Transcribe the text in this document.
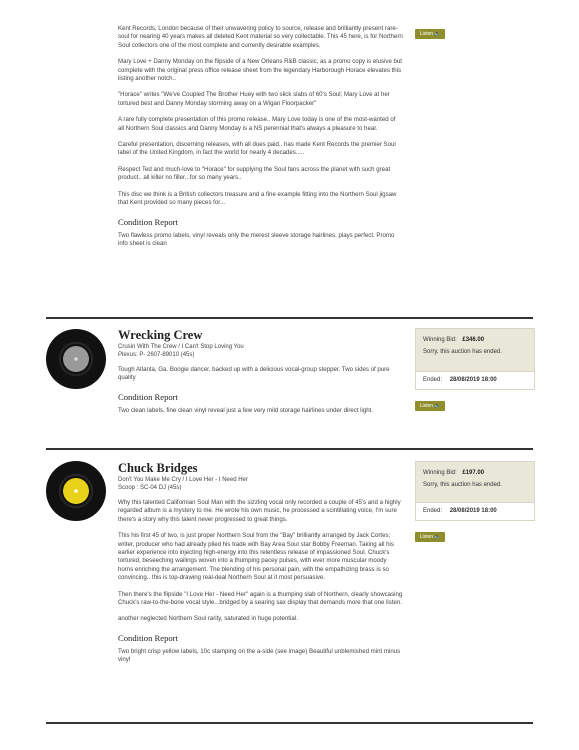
Kent Records, London because of their unwavering policy to source, release and brilliantly present rare-soul for nearing 40 years makes all deleted Kent material so very collectable. This 45 here, is for Northern Soul collectors one of the most complete and currently desirable examples.

Mary Love + Danny Monday on the flipside of a New Orleans R&B classic, as a promo copy is elusive but complete with the original press office release sheet from the legendary Harborough Horace elevates this listing another notch..

"Horace" writes "We've Coupled The Brother Huey with two slick slabs of 60's Soul; Mary Love at her tortured best and Danny Monday storming away on a Wigan Floorpacker"

A rare fully complete presentation of this promo release.. Mary Love today is one of the most-wanted of all Northern Soul classics and Danny Monday is a NS perennial that's always a pleasure to hear.

Careful presentation, discerning releases, with all dues paid.. has made Kent Records the premier Soul label of the United Kingdom, in fact the world for nearly 4 decades.....

Respect Ted and much-love to "Horace" for supplying the Soul fans across the planet with such great product.. all killer no filler...for so many years..

This disc we think is a British collectors treasure and a fine example fitting into the Northern Soul jigsaw that Kent provided so many pieces for...

Condition Report

Two flawless promo labels, vinyl reveals only the merest sleeve storage hairlines. plays perfect. Promo info sheet is clean

Listen🔈
Wrecking Crew

Crusin With The Crew / I Can't Stop Loving You

Plexus: P- 2607-89010 (45s)

Tough Atlanta, Ga. Boogie dancer, backed up with a delicious vocal-group stepper. Two sides of pure quality

Condition Report

Two clean labels, fine clean vinyl reveal just a few very mild storage hairlines under direct light.

Winning Bid: £346.00
Sorry, this auction has ended.
Ended: 28/08/2019 18:00
Listen🔈
Chuck Bridges

Don't You Make Me Cry / I Love Her - I Need Her

Scoop : SC-04 DJ (45s)

Why this talented Californian Soul Man with the sizzling vocal only recorded a couple of 45's and a highly regarded album is a mystery to me. He wrote his own music, he processed a scintillating voice, I'm sure there's a story why this talent never progressed to great things.

This his first 45 of two, is just proper Northern Soul from the "Bay" brilliantly arranged by Jack Cortes; writer, producer who had already plied his trade with Bay Area Soul star Bobby Freeman. Taking all his earlier experience into injecting high-energy into this relentless release of impassioned Soul. Chuck's tortured, beseeching wailings woven into a thumping pacey pulses, with ever more muscular moody horns enriching the arrangement. The blending of his personal pain, with the empathizing brass is so convincing.. this is top-drawing real-deal Northern Soul at it most persuasive.

Then there's the flipside "I Love Her - Need Her" again is a thumping slab of Northern, clearly showcasing Chuck's raw-to-the-bone vocal style...bridged by a searing sax display that demands more that one listen.

another neglected Northern Soul rarity, saturated in huge potential.

Condition Report

Two bright crisp yellow labels, 10c stamping on the a-side (see image) Beautiful unblemished mint minus vinyl

Winning Bid: £197.00
Sorry, this auction has ended.
Ended: 28/08/2019 18:00
Listen🔈
